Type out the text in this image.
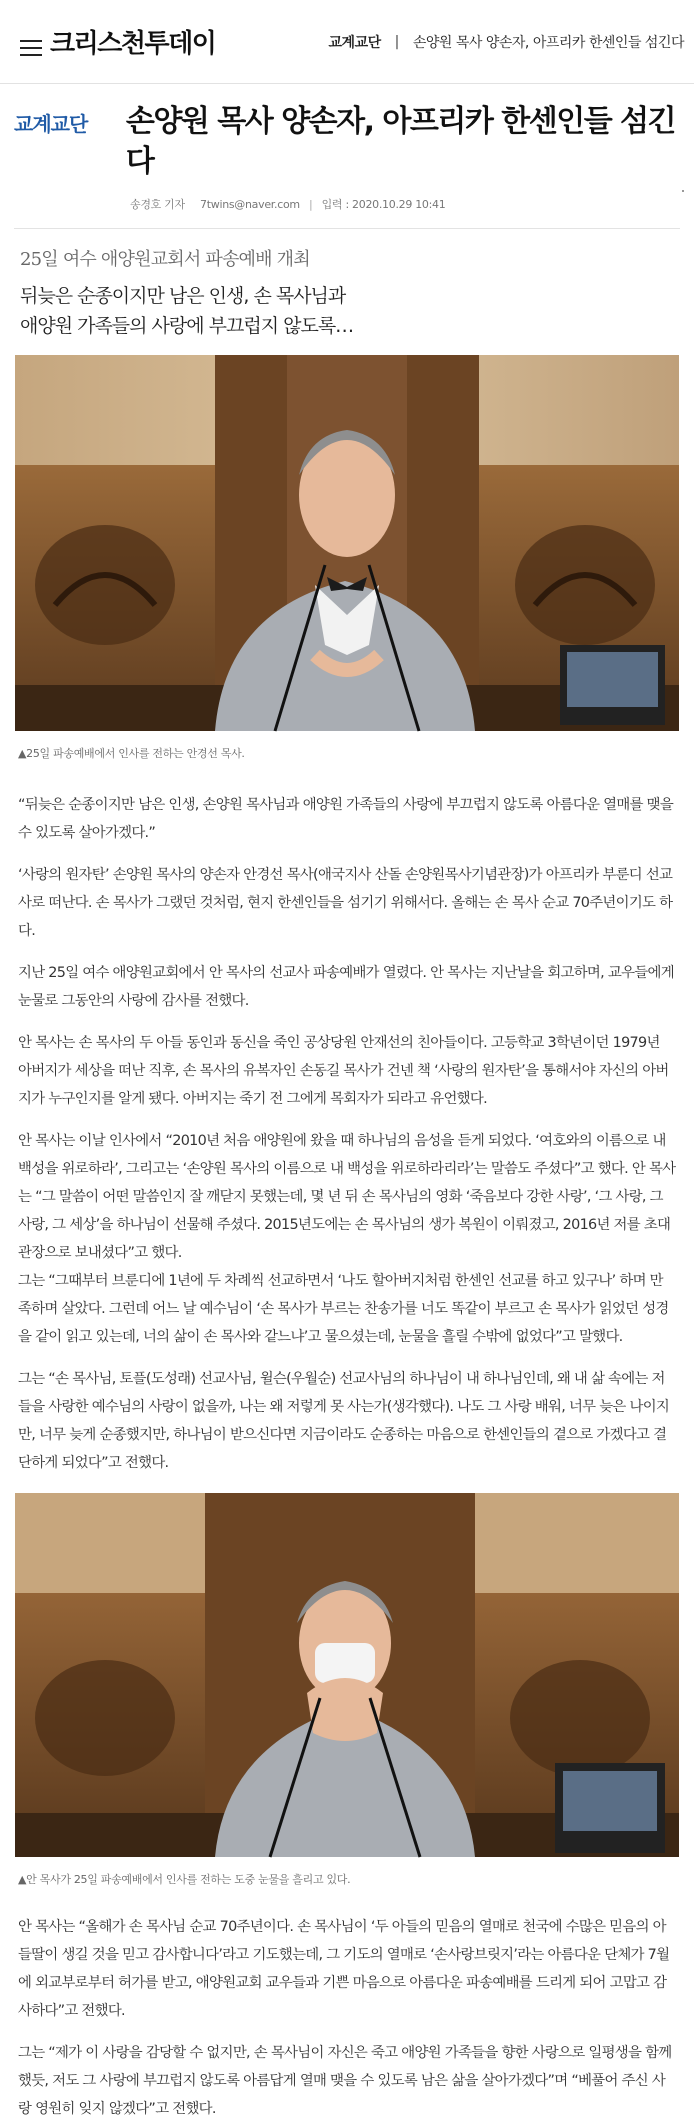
크리스천투데이	교계교단 | 손양원 목사 양손자, 아프리카 한센인들 섬긴다
교계교단	손양원 목사 양손자, 아프리카 한센인들 섬긴다
송경호 기자 7twins@naver.com | 입력 : 2020.10.29 10:41
25일 여수 애양원교회서 파송예배 개최
뒤늦은 순종이지만 남은 인생, 손 목사님과
애양원 가족들의 사랑에 부끄럽지 않도록…
▲25일 파송예배에서 인사를 전하는 안경선 목사.

“뒤늦은 순종이지만 남은 인생, 손양원 목사님과 애양원 가족들의 사랑에 부끄럽지 않도록 아름다운 열매를 맺을 수 있도록 살아가겠다.”

‘사랑의 원자탄’ 손양원 목사의 양손자 안경선 목사(애국지사 산돌 손양원목사기념관장)가 아프리카 부룬디 선교사로 떠난다. 손 목사가 그랬던 것처럼, 현지 한센인들을 섬기기 위해서다. 올해는 손 목사 순교 70주년이기도 하다.

지난 25일 여수 애양원교회에서 안 목사의 선교사 파송예배가 열렸다. 안 목사는 지난날을 회고하며, 교우들에게 눈물로 그동안의 사랑에 감사를 전했다.

안 목사는 손 목사의 두 아들 동인과 동신을 죽인 공상당원 안재선의 친아들이다. 고등학교 3학년이던 1979년 아버지가 세상을 떠난 직후, 손 목사의 유복자인 손동길 목사가 건넨 책 ‘사랑의 원자탄’을 통해서야 자신의 아버지가 누구인지를 알게 됐다. 아버지는 죽기 전 그에게 목회자가 되라고 유언했다.

안 목사는 이날 인사에서 “2010년 처음 애양원에 왔을 때 하나님의 음성을 듣게 되었다. ‘여호와의 이름으로 내 백성을 위로하라’, 그리고는 ‘손양원 목사의 이름으로 내 백성을 위로하라리라’는 말씀도 주셨다”고 했다. 안 목사는 “그 말씀이 어떤 말씀인지 잘 깨닫지 못했는데, 몇 년 뒤 손 목사님의 영화 ‘죽음보다 강한 사랑’, ‘그 사랑, 그 사랑, 그 세상’을 하나님이 선물해 주셨다. 2015년도에는 손 목사님의 생가 복원이 이뤄졌고, 2016년 저를 초대 관장으로 보내셨다”고 했다.

그는 “그때부터 브룬디에 1년에 두 차례씩 선교하면서 ‘나도 할아버지처럼 한센인 선교를 하고 있구나’ 하며 만족하며 살았다. 그런데 어느 날 예수님이 ‘손 목사가 부르는 찬송가를 너도 똑같이 부르고 손 목사가 읽었던 성경을 같이 읽고 있는데, 너의 삶이 손 목사와 같느냐’고 물으셨는데, 눈물을 흘릴 수밖에 없었다”고 말했다.

그는 “손 목사님, 토플(도성래) 선교사님, 윌슨(우월순) 선교사님의 하나님이 내 하나님인데, 왜 내 삶 속에는 저들을 사랑한 예수님의 사랑이 없을까, 나는 왜 저렇게 못 사는가(생각했다). 나도 그 사랑 배워, 너무 늦은 나이지만, 너무 늦게 순종했지만, 하나님이 받으신다면 지금이라도 순종하는 마음으로 한센인들의 곁으로 가겠다고 결단하게 되었다”고 전했다.

▲안 목사가 25일 파송예배에서 인사를 전하는 도중 눈물을 흘리고 있다.

안 목사는 “올해가 손 목사님 순교 70주년이다. 손 목사님이 ‘두 아들의 믿음의 열매로 천국에 수많은 믿음의 아들딸이 생길 것을 믿고 감사합니다’라고 기도했는데, 그 기도의 열매로 ‘손사랑브릿지’라는 아름다운 단체가 7월에 외교부로부터 허가를 받고, 애양원교회 교우들과 기쁜 마음으로 아름다운 파송예배를 드리게 되어 고맙고 감사하다”고 전했다.

그는 “제가 이 사랑을 감당할 수 없지만, 손 목사님이 자신은 죽고 애양원 가족들을 향한 사랑으로 일평생을 함께했듯, 저도 그 사랑에 부끄럽지 않도록 아름답게 열매 맺을 수 있도록 남은 삶을 살아가겠다”며 “베풀어 주신 사랑 영원히 잊지 않겠다”고 전했다.
